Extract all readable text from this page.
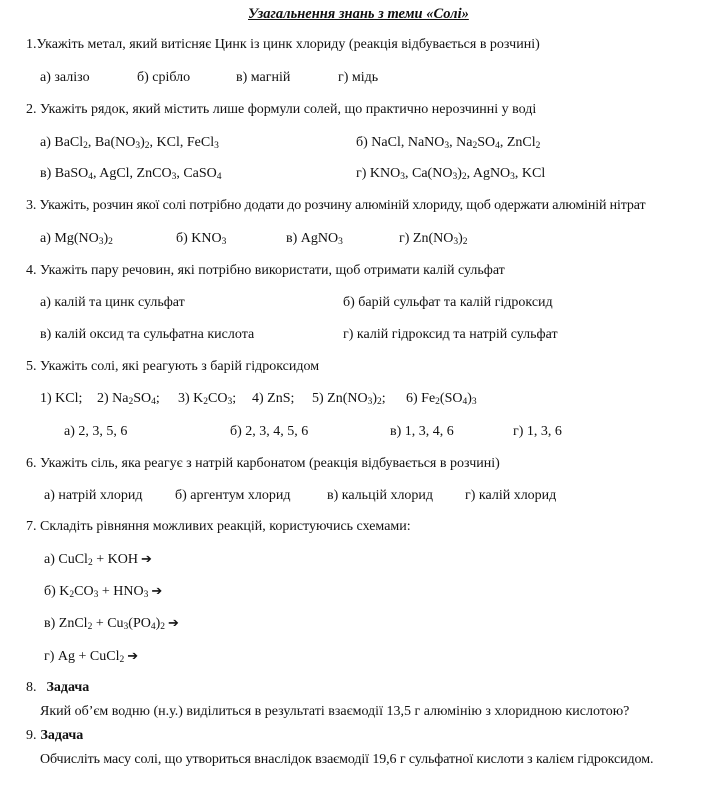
Узагальнення знань з теми «Солі»
1.Укажіть метал, який витісняє Цинк із цинк хлориду (реакція відбувається в розчині)
а) залізо	б) срібло	в) магній	г) мідь
2. Укажіть рядок, який містить лише формули солей, що практично нерозчинні у воді
а) BaCl$_2$, $Ba(NO_3)_2$, KCl, FeCl$_3$	б) NaCl, NaNO$_3$, $Na_2SO_4$, ZnCl$_2$
в) BaSO$_4$, AgCl, ZnCO$_3$, CaSO$_4$	г) $KNO_3$, $Ca(NO_3)_2$, AgNO$_3$, KCl
3. Укажіть, розчин якої солі потрібно додати до розчину алюміній хлориду, щоб одержати алюміній нітрат
а) $Mg(NO_3)_2$	б) $KNO_3$	в) AgNO$_3$	г) $Zn(NO_3)_2$
4. Укажіть пару речовин, які потрібно використати, щоб отримати калій сульфат
а) калій та цинк сульфат	б) барій сульфат та калій гідроксид
в) калій оксид та сульфатна кислота	г) калій гідроксид та натрій сульфат
5. Укажіть солі, які реагують з барій гідроксидом
1) KCl; 2) $Na_2SO_4$; 3) $K_2CO_3$; 4) ZnS; 5) $Zn(NO_3)_2$; 6) $Fe_2(SO_4)_3$
а) 2, 3, 5, 6	б) 2, 3, 4, 5, 6	в) 1, 3, 4, 6	г) 1, 3, 6
6. Укажіть сіль, яка реагує з натрій карбонатом (реакція відбувається в розчині)
а) натрій хлорид б) аргентум хлорид	в) кальцій хлорид г) калій хлорид
7. Складіть рівняння можливих реакцій, користуючись схемами:
а) CuCl$_2$ + KOH ➔
б) $K_2CO_3 + HNO_3$ ➔
в) ZnCl$_2$ + $Cu_3(PO_4)_2$ ➔
г) Ag + CuCl$_2$ ➔
8. Задача
Який об’єм водню (н.у.) виділиться в результаті взаємодії 13,5 г алюмінію з хлоридною кислотою?
9. Задача
Обчисліть масу солі, що утвориться внаслідок взаємодії 19,6 г сульфатної кислоти з калієм гідроксидом.
